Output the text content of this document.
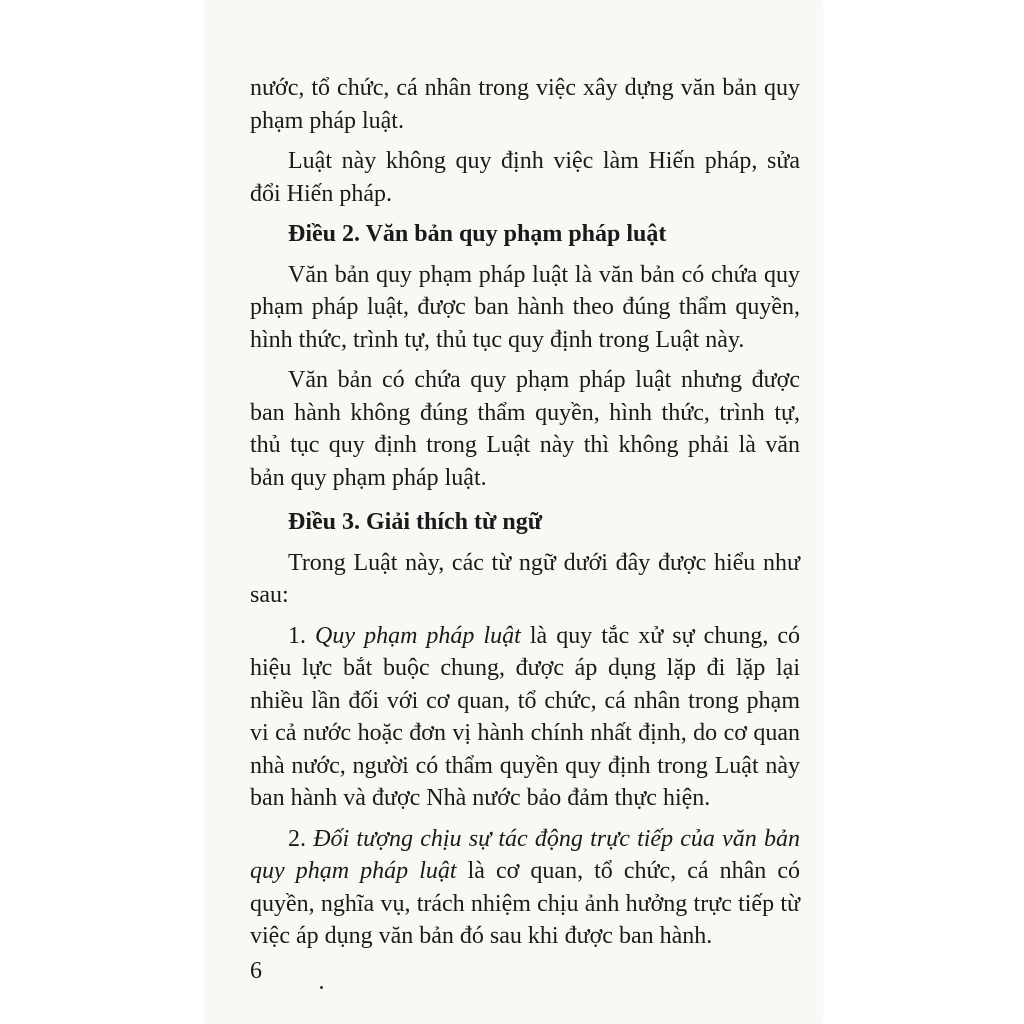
nước, tổ chức, cá nhân trong việc xây dựng văn bản quy phạm pháp luật.

Luật này không quy định việc làm Hiến pháp, sửa đổi Hiến pháp.

Điều 2. Văn bản quy phạm pháp luật

Văn bản quy phạm pháp luật là văn bản có chứa quy phạm pháp luật, được ban hành theo đúng thẩm quyền, hình thức, trình tự, thủ tục quy định trong Luật này.

Văn bản có chứa quy phạm pháp luật nhưng được ban hành không đúng thẩm quyền, hình thức, trình tự, thủ tục quy định trong Luật này thì không phải là văn bản quy phạm pháp luật.

Điều 3. Giải thích từ ngữ

Trong Luật này, các từ ngữ dưới đây được hiểu như sau:

1. Quy phạm pháp luật là quy tắc xử sự chung, có hiệu lực bắt buộc chung, được áp dụng lặp đi lặp lại nhiều lần đối với cơ quan, tổ chức, cá nhân trong phạm vi cả nước hoặc đơn vị hành chính nhất định, do cơ quan nhà nước, người có thẩm quyền quy định trong Luật này ban hành và được Nhà nước bảo đảm thực hiện.

2. Đối tượng chịu sự tác động trực tiếp của văn bản quy phạm pháp luật là cơ quan, tổ chức, cá nhân có quyền, nghĩa vụ, trách nhiệm chịu ảnh hưởng trực tiếp từ việc áp dụng văn bản đó sau khi được ban hành.

6
